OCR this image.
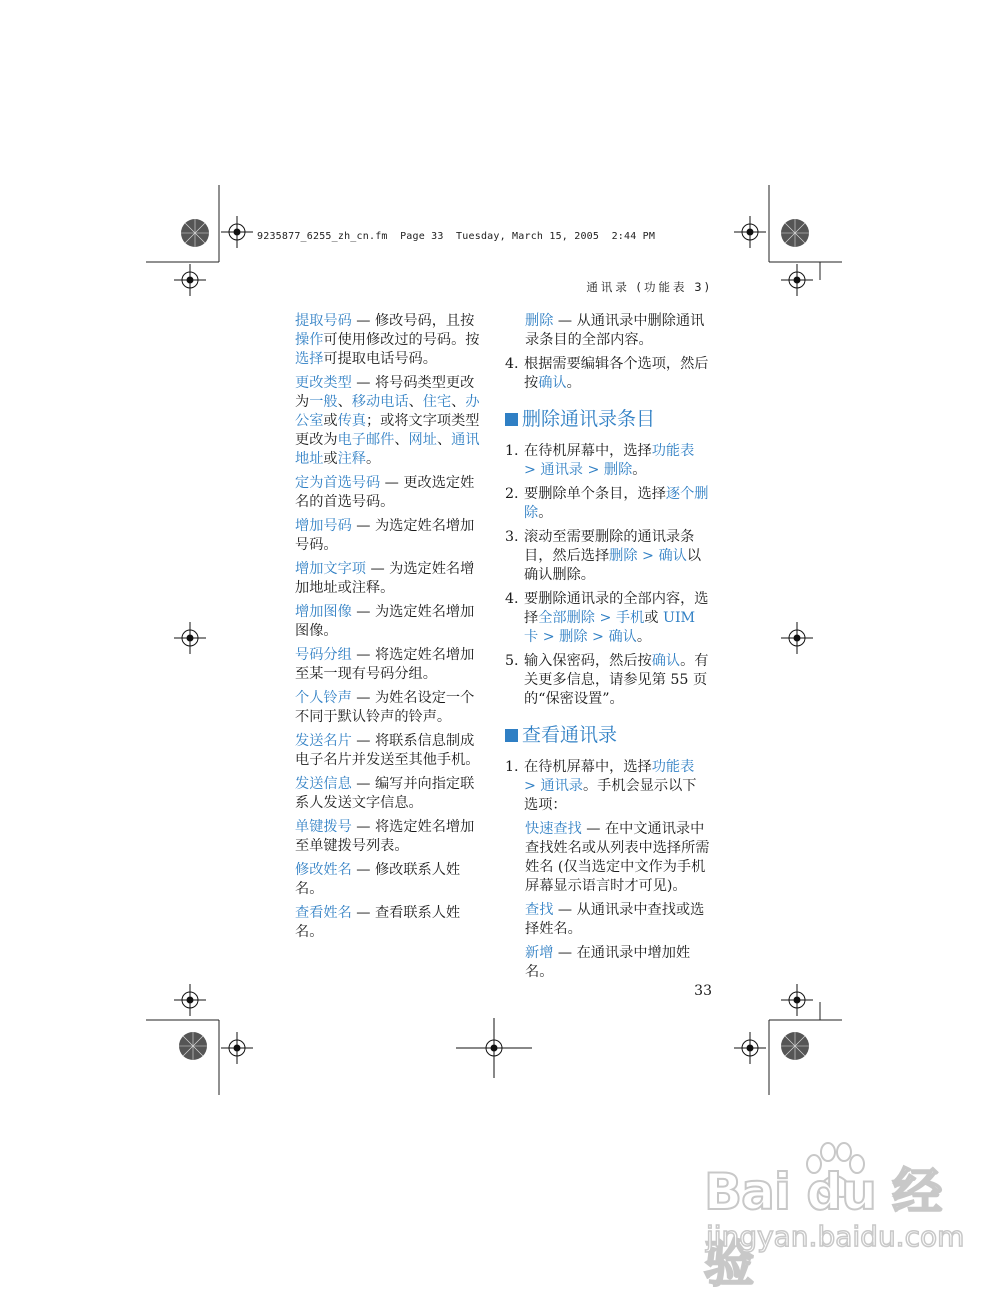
9235877_6255_zh_cn.fm  Page 33  Tuesday, March 15, 2005  2:44 PM
通讯录 (功能表 3)
提取号码 — 修改号码，且按操作可使用修改过的号码。按选择可提取电话号码。
更改类型 — 将号码类型更改为一般、移动电话、住宅、办公室或传真；或将文字项类型更改为电子邮件、网址、通讯地址或注释。
定为首选号码 — 更改选定姓名的首选号码。
增加号码 — 为选定姓名增加号码。
增加文字项 — 为选定姓名增加地址或注释。
增加图像 — 为选定姓名增加图像。
号码分组 — 将选定姓名增加至某一现有号码分组。
个人铃声 — 为姓名设定一个不同于默认铃声的铃声。
发送名片 — 将联系信息制成电子名片并发送至其他手机。
发送信息 — 编写并向指定联系人发送文字信息。
单键拨号 — 将选定姓名增加至单键拨号列表。
修改姓名 — 修改联系人姓名。
查看姓名 — 查看联系人姓名。
删除 — 从通讯录中删除通讯录条目的全部内容。
4. 根据需要编辑各个选项，然后按确认。
删除通讯录条目
1. 在待机屏幕中，选择功能表 > 通讯录 > 删除。
2. 要删除单个条目，选择逐个删除。
3. 滚动至需要删除的通讯录条目，然后选择删除 > 确认以确认删除。
4. 要删除通讯录的全部内容，选择全部删除 > 手机或 UIM 卡 > 删除 > 确认。
5. 输入保密码，然后按确认。有关更多信息，请参见第 55 页的“保密设置”。
查看通讯录
1. 在待机屏幕中，选择功能表 > 通讯录。手机会显示以下选项：
快速查找 — 在中文通讯录中查找姓名或从列表中选择所需姓名 (仅当选定中文作为手机屏幕显示语言时才可见)。
查找 — 从通讯录中查找或选择姓名。
新增 — 在通讯录中增加姓名。
33
Bai du 经验
jingyan.baidu.com
